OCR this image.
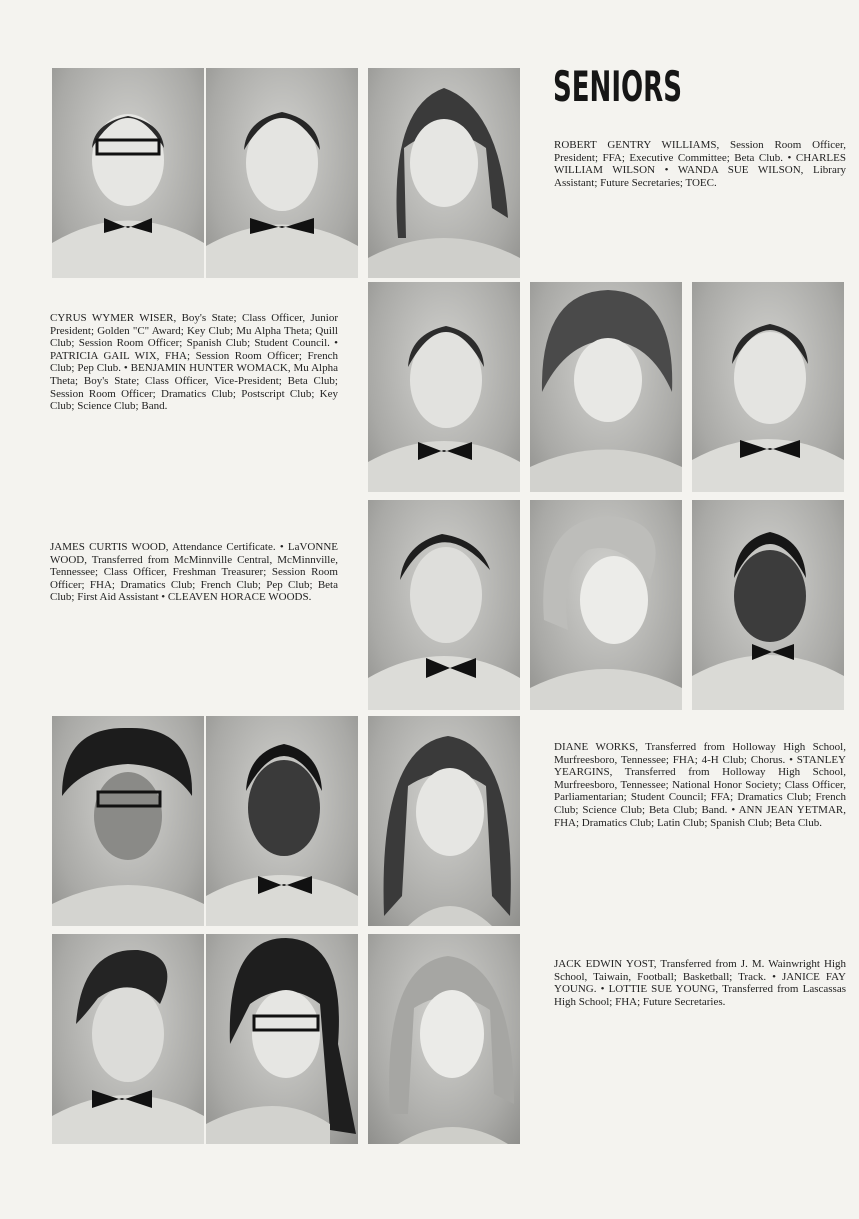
SENIORS
ROBERT GENTRY WILLIAMS, Session Room Officer, President; FFA; Executive Committee; Beta Club. • CHARLES WILLIAM WILSON • WANDA SUE WILSON, Library Assistant; Future Secretaries; TOEC.
CYRUS WYMER WISER, Boy's State; Class Officer, Junior President; Golden "C" Award; Key Club; Mu Alpha Theta; Quill Club; Session Room Officer; Spanish Club; Student Council. • PATRICIA GAIL WIX, FHA; Session Room Officer; French Club; Pep Club. • BENJAMIN HUNTER WOMACK, Mu Alpha Theta; Boy's State; Class Officer, Vice-President; Beta Club; Session Room Officer; Dramatics Club; Postscript Club; Key Club; Science Club; Band.
JAMES CURTIS WOOD, Attendance Certificate. • LaVONNE WOOD, Transferred from McMinnville Central, McMinnville, Tennessee; Class Officer, Freshman Treasurer; Session Room Officer; FHA; Dramatics Club; French Club; Pep Club; Beta Club; First Aid Assistant • CLEAVEN HORACE WOODS.
DIANE WORKS, Transferred from Holloway High School, Murfreesboro, Tennessee; FHA; 4-H Club; Chorus. • STANLEY YEARGINS, Transferred from Holloway High School, Murfreesboro, Tennessee; National Honor Society; Class Officer, Parliamentarian; Student Council; FFA; Dramatics Club; French Club; Science Club; Beta Club; Band. • ANN JEAN YETMAR, FHA; Dramatics Club; Latin Club; Spanish Club; Beta Club.
JACK EDWIN YOST, Transferred from J. M. Wainwright High School, Taiwain, Football; Basketball; Track. • JANICE FAY YOUNG. • LOTTIE SUE YOUNG, Transferred from Lascassas High School; FHA; Future Secretaries.
